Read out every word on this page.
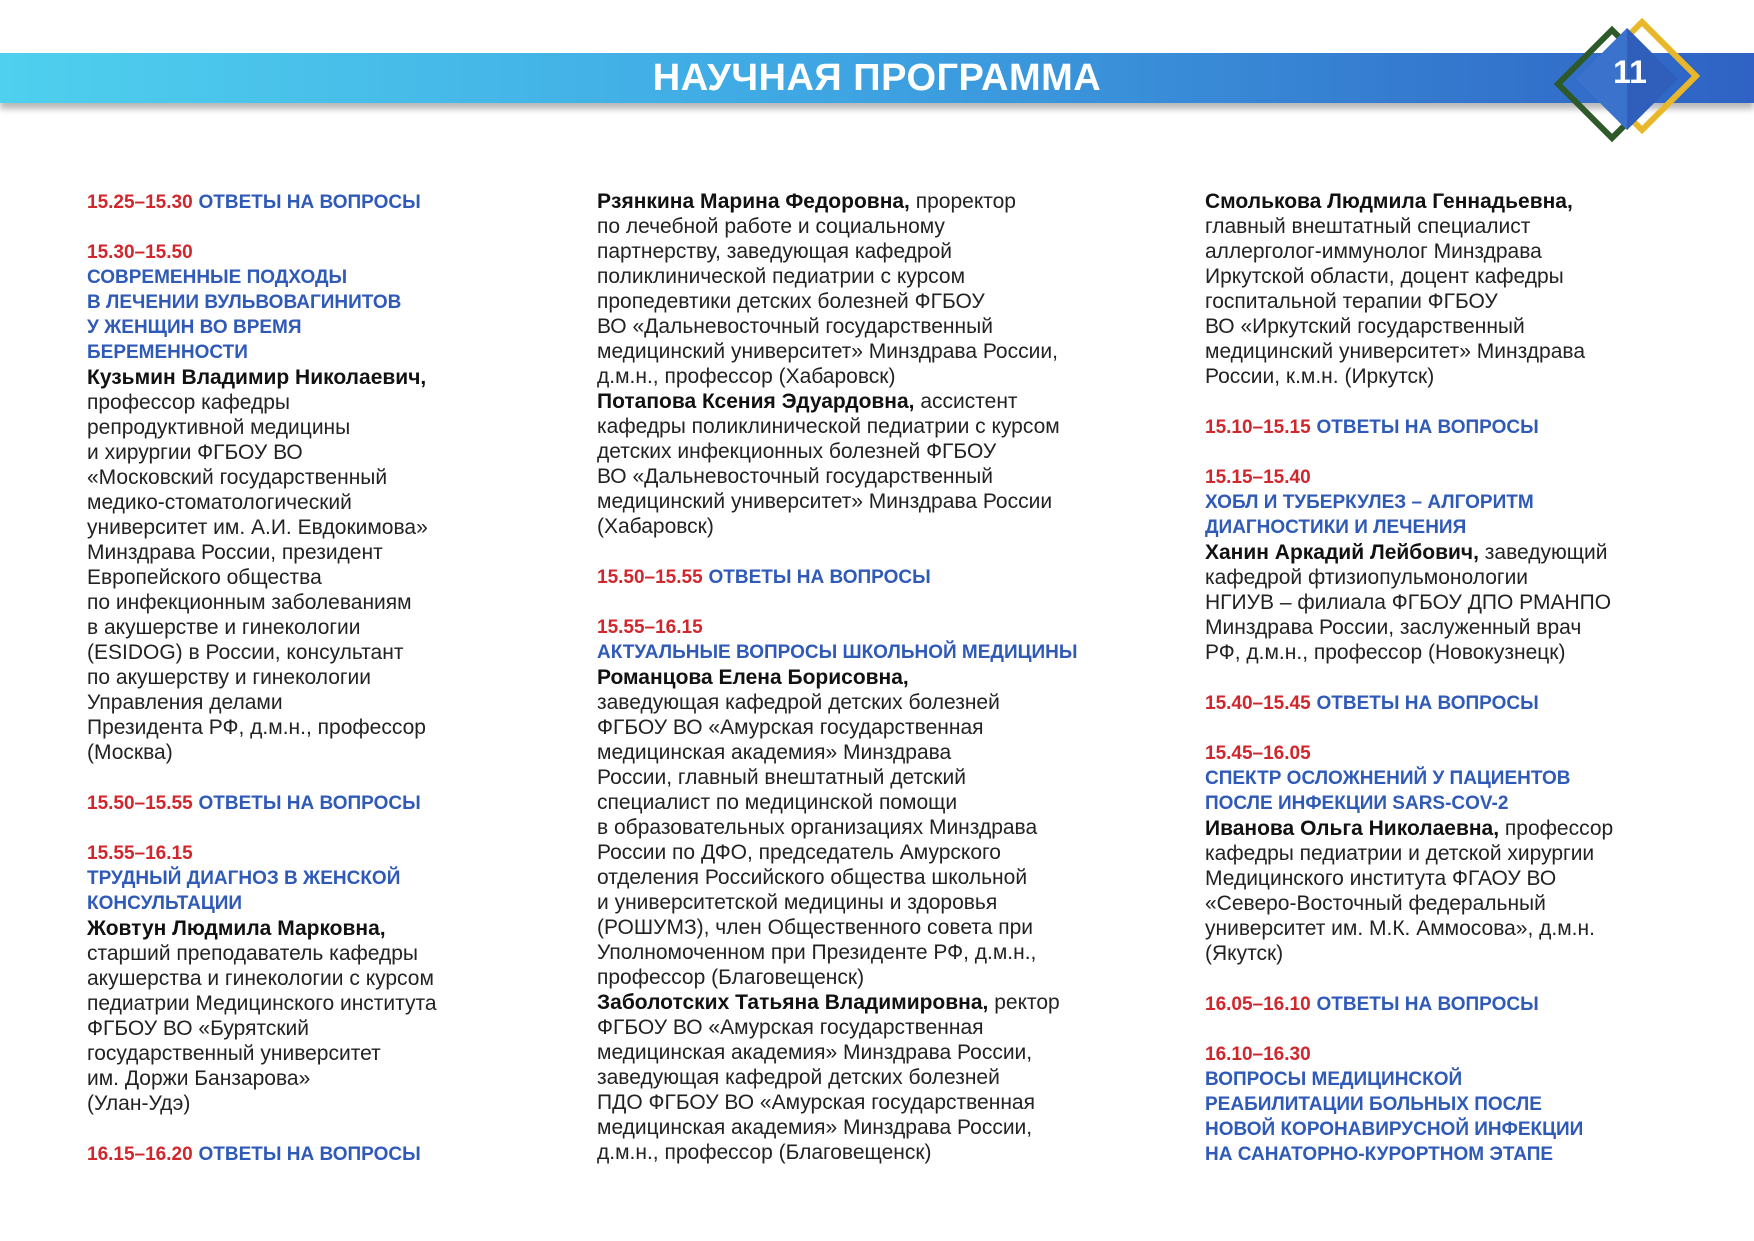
НАУЧНАЯ ПРОГРАММА	11
15.25–15.30 ОТВЕТЫ НА ВОПРОСЫ
15.30–15.50
СОВРЕМЕННЫЕ ПОДХОДЫ
В ЛЕЧЕНИИ ВУЛЬВОВАГИНИТОВ
У ЖЕНЩИН ВО ВРЕМЯ
БЕРЕМЕННОСТИ
Кузьмин Владимир Николаевич,
профессор кафедры
репродуктивной медицины
и хирургии ФГБОУ ВО
«Московский государственный
медико-стоматологический
университет им. А.И. Евдокимова»
Минздрава России, президент
Европейского общества
по инфекционным заболеваниям
в акушерстве и гинекологии
(ESIDOG) в России, консультант
по акушерству и гинекологии
Управления делами
Президента РФ, д.м.н., профессор
(Москва)
15.50–15.55 ОТВЕТЫ НА ВОПРОСЫ
15.55–16.15
ТРУДНЫЙ ДИАГНОЗ В ЖЕНСКОЙ
КОНСУЛЬТАЦИИ
Жовтун Людмила Марковна,
старший преподаватель кафедры
акушерства и гинекологии с курсом
педиатрии Медицинского института
ФГБОУ ВО «Бурятский
государственный университет
им. Доржи Банзарова»
(Улан-Удэ)
16.15–16.20 ОТВЕТЫ НА ВОПРОСЫ
Рзянкина Марина Федоровна, проректор
по лечебной работе и социальному
партнерству, заведующая кафедрой
поликлинической педиатрии с курсом
пропедевтики детских болезней ФГБОУ
ВО «Дальневосточный государственный
медицинский университет» Минздрава России,
д.м.н., профессор (Хабаровск)
Потапова Ксения Эдуардовна, ассистент
кафедры поликлинической педиатрии с курсом
детских инфекционных болезней ФГБОУ
ВО «Дальневосточный государственный
медицинский университет» Минздрава России
(Хабаровск)
15.50–15.55 ОТВЕТЫ НА ВОПРОСЫ
15.55–16.15
АКТУАЛЬНЫЕ ВОПРОСЫ ШКОЛЬНОЙ МЕДИЦИНЫ
Романцова Елена Борисовна,
заведующая кафедрой детских болезней
ФГБОУ ВО «Амурская государственная
медицинская академия» Минздрава
России, главный внештатный детский
специалист по медицинской помощи
в образовательных организациях Минздрава
России по ДФО, председатель Амурского
отделения Российского общества школьной
и университетской медицины и здоровья
(РОШУМЗ), член Общественного совета при
Уполномоченном при Президенте РФ, д.м.н.,
профессор (Благовещенск)
Заболотских Татьяна Владимировна, ректор
ФГБОУ ВО «Амурская государственная
медицинская академия» Минздрава России,
заведующая кафедрой детских болезней
ПДО ФГБОУ ВО «Амурская государственная
медицинская академия» Минздрава России,
д.м.н., профессор (Благовещенск)
Смолькова Людмила Геннадьевна,
главный внештатный специалист
аллерголог-иммунолог Минздрава
Иркутской области, доцент кафедры
госпитальной терапии ФГБОУ
ВО «Иркутский государственный
медицинский университет» Минздрава
России, к.м.н. (Иркутск)
15.10–15.15 ОТВЕТЫ НА ВОПРОСЫ
15.15–15.40
ХОБЛ И ТУБЕРКУЛЕЗ – АЛГОРИТМ
ДИАГНОСТИКИ И ЛЕЧЕНИЯ
Ханин Аркадий Лейбович, заведующий
кафедрой фтизиопульмонологии
НГИУВ – филиала ФГБОУ ДПО РМАНПО
Минздрава России, заслуженный врач
РФ, д.м.н., профессор (Новокузнецк)
15.40–15.45 ОТВЕТЫ НА ВОПРОСЫ
15.45–16.05
СПЕКТР ОСЛОЖНЕНИЙ У ПАЦИЕНТОВ
ПОСЛЕ ИНФЕКЦИИ SARS-COV-2
Иванова Ольга Николаевна, профессор
кафедры педиатрии и детской хирургии
Медицинского института ФГАОУ ВО
«Северо-Восточный федеральный
университет им. М.К. Аммосова», д.м.н.
(Якутск)
16.05–16.10 ОТВЕТЫ НА ВОПРОСЫ
16.10–16.30
ВОПРОСЫ МЕДИЦИНСКОЙ
РЕАБИЛИТАЦИИ БОЛЬНЫХ ПОСЛЕ
НОВОЙ КОРОНАВИРУСНОЙ ИНФЕКЦИИ
НА САНАТОРНО-КУРОРТНОМ ЭТАПЕ
